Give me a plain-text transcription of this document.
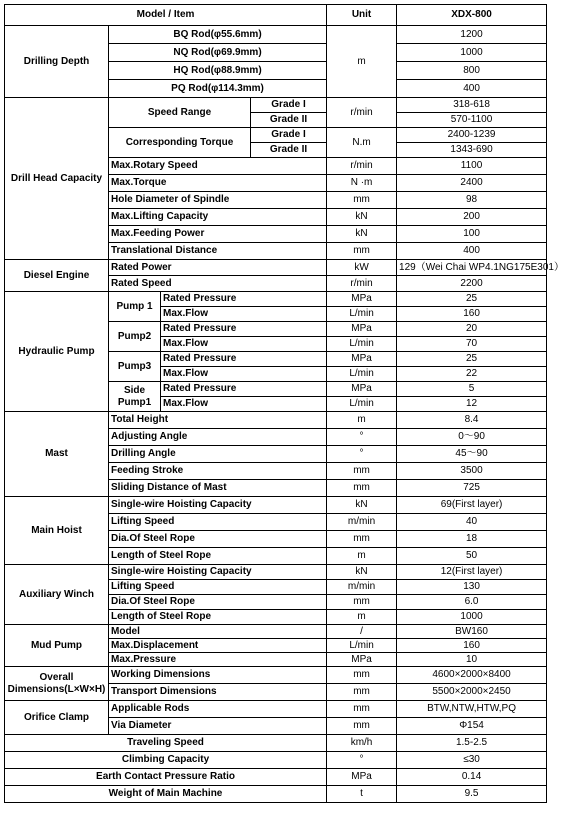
Model / Item				Unit	XDX-800
Drilling Depth	BQ Rod(φ55.6mm)			m	1200
	NQ Rod(φ69.9mm)				1000
	HQ Rod(φ88.9mm)				800
	PQ Rod(φ114.3mm)				400
Drill Head Capacity	Speed Range		Grade I	r/min	318-618
			Grade II		570-1100
	Corresponding Torque		Grade I	N.m	2400-1239
			Grade II		1343-690
	Max.Rotary Speed			r/min	1100
	Max.Torque			N ·m	2400
	Hole Diameter of Spindle			mm	98
	Max.Lifting Capacity			kN	200
	Max.Feeding Power			kN	100
	Translational Distance			mm	400
Diesel Engine	Rated Power			kW	129（Wei Chai WP4.1NG175E301）
	Rated Speed			r/min	2200
Hydraulic Pump	Pump 1	Rated Pressure		MPa	25
		Max.Flow		L/min	160
	Pump2	Rated Pressure		MPa	20
		Max.Flow		L/min	70
	Pump3	Rated Pressure		MPa	25
		Max.Flow		L/min	22
	Side Pump1	Rated Pressure		MPa	5
		Max.Flow		L/min	12
Mast	Total Height			m	8.4
	Adjusting Angle			°	0～90
	Drilling Angle			°	45～90
	Feeding Stroke			mm	3500
	Sliding Distance of Mast			mm	725
Main Hoist	Single-wire Hoisting Capacity			kN	69(First layer)
	Lifting Speed			m/min	40
	Dia.Of Steel Rope			mm	18
	Length of Steel Rope			m	50
Auxiliary Winch	Single-wire Hoisting Capacity			kN	12(First layer)
	Lifting Speed			m/min	130
	Dia.Of Steel Rope			mm	6.0
	Length of Steel Rope			m	1000
Mud Pump	Model			/	BW160
	Max.Displacement			L/min	160
	Max.Pressure			MPa	10
Overall Dimensions(L×W×H)	Working Dimensions			mm	4600×2000×8400
	Transport Dimensions			mm	5500×2000×2450
Orifice Clamp	Applicable Rods			mm	BTW,NTW,HTW,PQ
	Via Diameter			mm	Φ154
Traveling Speed				km/h	1.5-2.5
Climbing Capacity				°	≤30
Earth Contact Pressure Ratio				MPa	0.14
Weight of Main Machine				t	9.5
